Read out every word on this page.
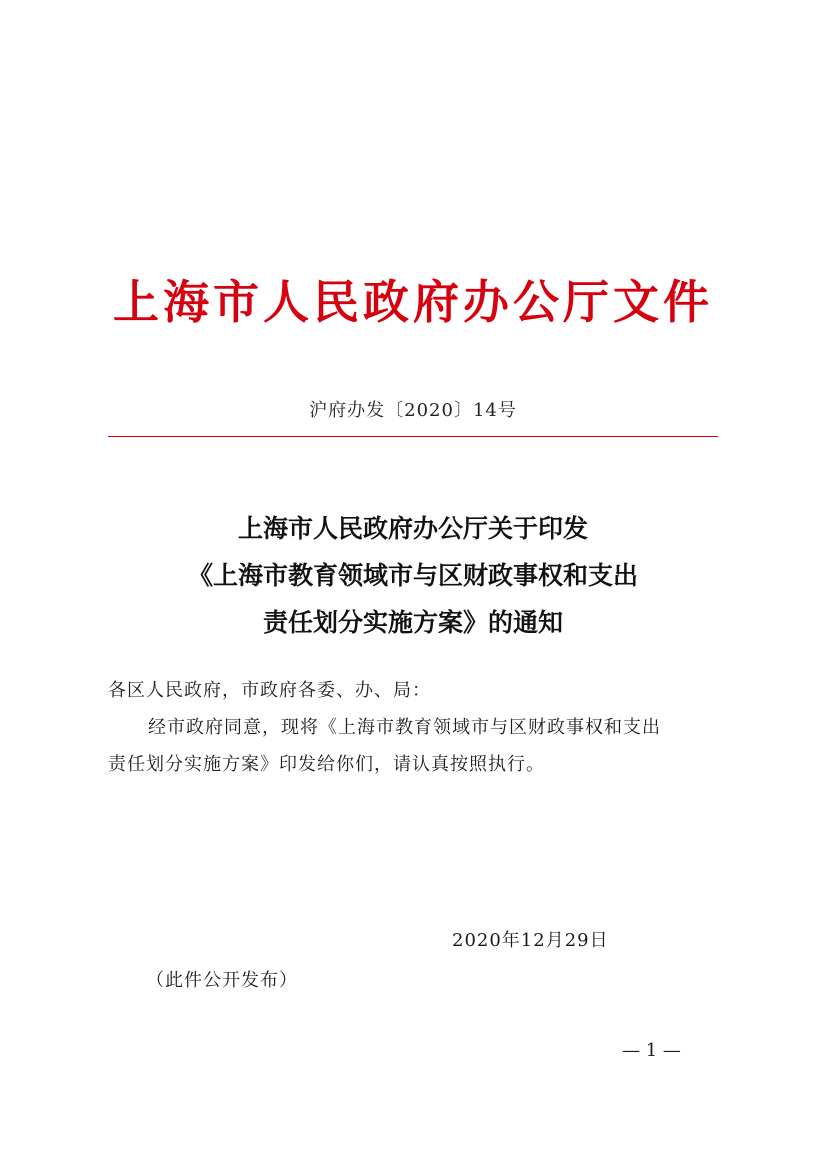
上海市人民政府办公厅文件
沪府办发〔2020〕14号
上海市人民政府办公厅关于印发
《上海市教育领域市与区财政事权和支出
责任划分实施方案》的通知
各区人民政府，市政府各委、办、局：
经市政府同意，现将《上海市教育领域市与区财政事权和支出
责任划分实施方案》印发给你们，请认真按照执行。
2020年12月29日
（此件公开发布）
— 1 —
